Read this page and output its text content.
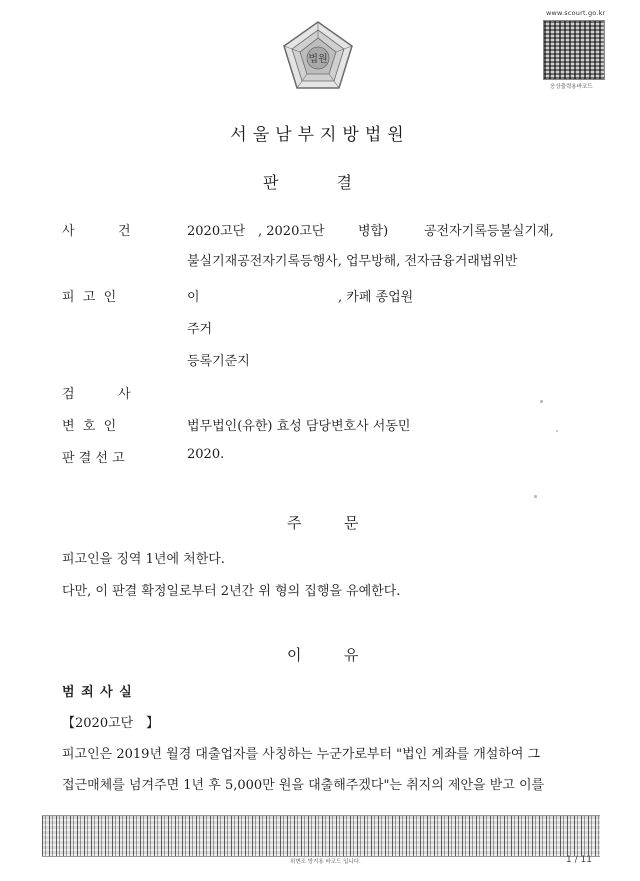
법원
www.scourt.go.kr
응상출력용바코드
서울남부지방법원
판	결
사	건	2020고단 , 2020고단	병합)	공전자기록등불실기재,
불실기재공전자기록등행사, 업무방해, 전자금융거래법위반
피  고  인	이	, 카페 종업원
주거
등록기준지
검	사
변  호  인	법무법인(유한) 효성 담당변호사 서동민
판 결 선 고	2020.
주	문
피고인을 징역 1년에 처한다.
다만, 이 판결 확정일로부터 2년간 위 형의 집행을 유예한다.
이	유
범 죄 사 실
【2020고단 】
피고인은 2019년 월경 대출업자를 사칭하는 누군가로부터 "법인 계좌를 개설하여 그
접근매체를 넘겨주면 1년 후 5,000만 원을 대출해주겠다"는 취지의 제안을 받고 이를
위변조 방지용 바코드 입니다.	1 / 11
